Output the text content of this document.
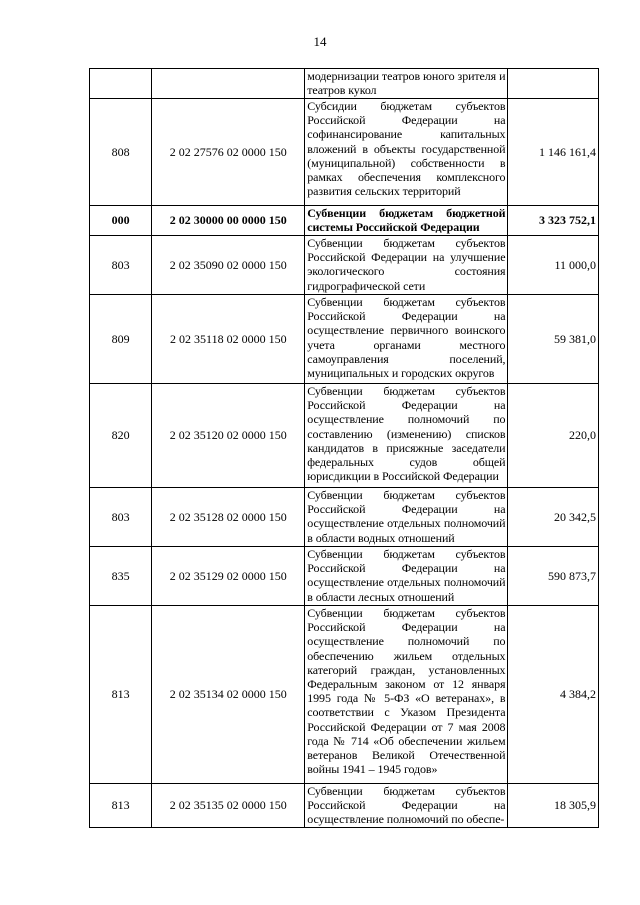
14
		модернизации театров юного зрителя и театров кукол	
808	2 02 27576 02 0000 150	Субсидии бюджетам субъектов Российской Федерации на софинансирование капитальных вложений в объекты государственной (муниципальной) собственности в рамках обеспечения комплексного развития сельских территорий	1 146 161,4
000	2 02 30000 00 0000 150	Субвенции бюджетам бюджетной системы Российской Федерации	3 323 752,1
803	2 02 35090 02 0000 150	Субвенции бюджетам субъектов Российской Федерации на улучшение экологического состояния гидрографической сети	11 000,0
809	2 02 35118 02 0000 150	Субвенции бюджетам субъектов Российской Федерации на осуществление первичного воинского учета органами местного самоуправления поселений, муниципальных и городских округов	59 381,0
820	2 02 35120 02 0000 150	Субвенции бюджетам субъектов Российской Федерации на осуществление полномочий по составлению (изменению) списков кандидатов в присяжные заседатели федеральных судов общей юрисдикции в Российской Федерации	220,0
803	2 02 35128 02 0000 150	Субвенции бюджетам субъектов Российской Федерации на осуществление отдельных полномочий в области водных отношений	20 342,5
835	2 02 35129 02 0000 150	Субвенции бюджетам субъектов Российской Федерации на осуществление отдельных полномочий в области лесных отношений	590 873,7
813	2 02 35134 02 0000 150	Субвенции бюджетам субъектов Российской Федерации на осуществление полномочий по обеспечению жильем отдельных категорий граждан, установленных Федеральным законом от 12 января 1995 года № 5-ФЗ «О ветеранах», в соответствии с Указом Президента Российской Федерации от 7 мая 2008 года № 714 «Об обеспечении жильем ветеранов Великой Отечественной войны 1941 – 1945 годов»	4 384,2
813	2 02 35135 02 0000 150	Субвенции бюджетам субъектов Российской Федерации на осуществление полномочий по обеспе-	18 305,9
